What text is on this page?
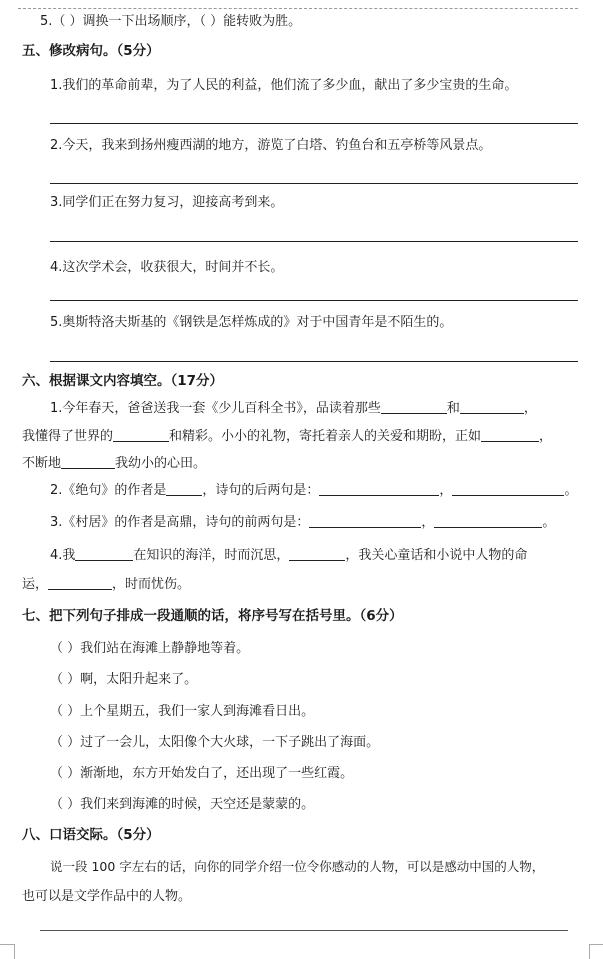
5.（ ）调换一下出场顺序，（ ）能转败为胜。
五、修改病句。（5分）
1.我们的革命前辈，为了人民的利益，他们流了多少血，献出了多少宝贵的生命。
2.今天，我来到扬州瘦西湖的地方，游览了白塔、钓鱼台和五亭桥等风景点。
3.同学们正在努力复习，迎接高考到来。
4.这次学术会，收获很大，时间并不长。
5.奥斯特洛夫斯基的《钢铁是怎样炼成的》对于中国青年是不陌生的。
六、根据课文内容填空。（17分）
1.今年春天，爸爸送我一套《少儿百科全书》，品读着那些	和	，
我懂得了世界的	和精彩。小小的礼物，寄托着亲人的关爱和期盼，正如	，
不断地	我幼小的心田。
2.《绝句》的作者是	，诗句的后两句是：	，	。
3.《村居》的作者是高鼎，诗句的前两句是：	，	。
4.我	在知识的海洋，时而沉思，	，我关心童话和小说中人物的命
运，	，时而忧伤。
七、把下列句子排成一段通顺的话，将序号写在括号里。（6分）
（ ）我们站在海滩上静静地等着。
（ ）啊，太阳升起来了。
（ ）上个星期五，我们一家人到海滩看日出。
（ ）过了一会儿，太阳像个大火球，一下子跳出了海面。
（ ）渐渐地，东方开始发白了，还出现了一些红霞。
（ ）我们来到海滩的时候，天空还是蒙蒙的。
八、口语交际。（5分）
说一段 100 字左右的话，向你的同学介绍一位令你感动的人物，可以是感动中国的人物，
也可以是文学作品中的人物。
